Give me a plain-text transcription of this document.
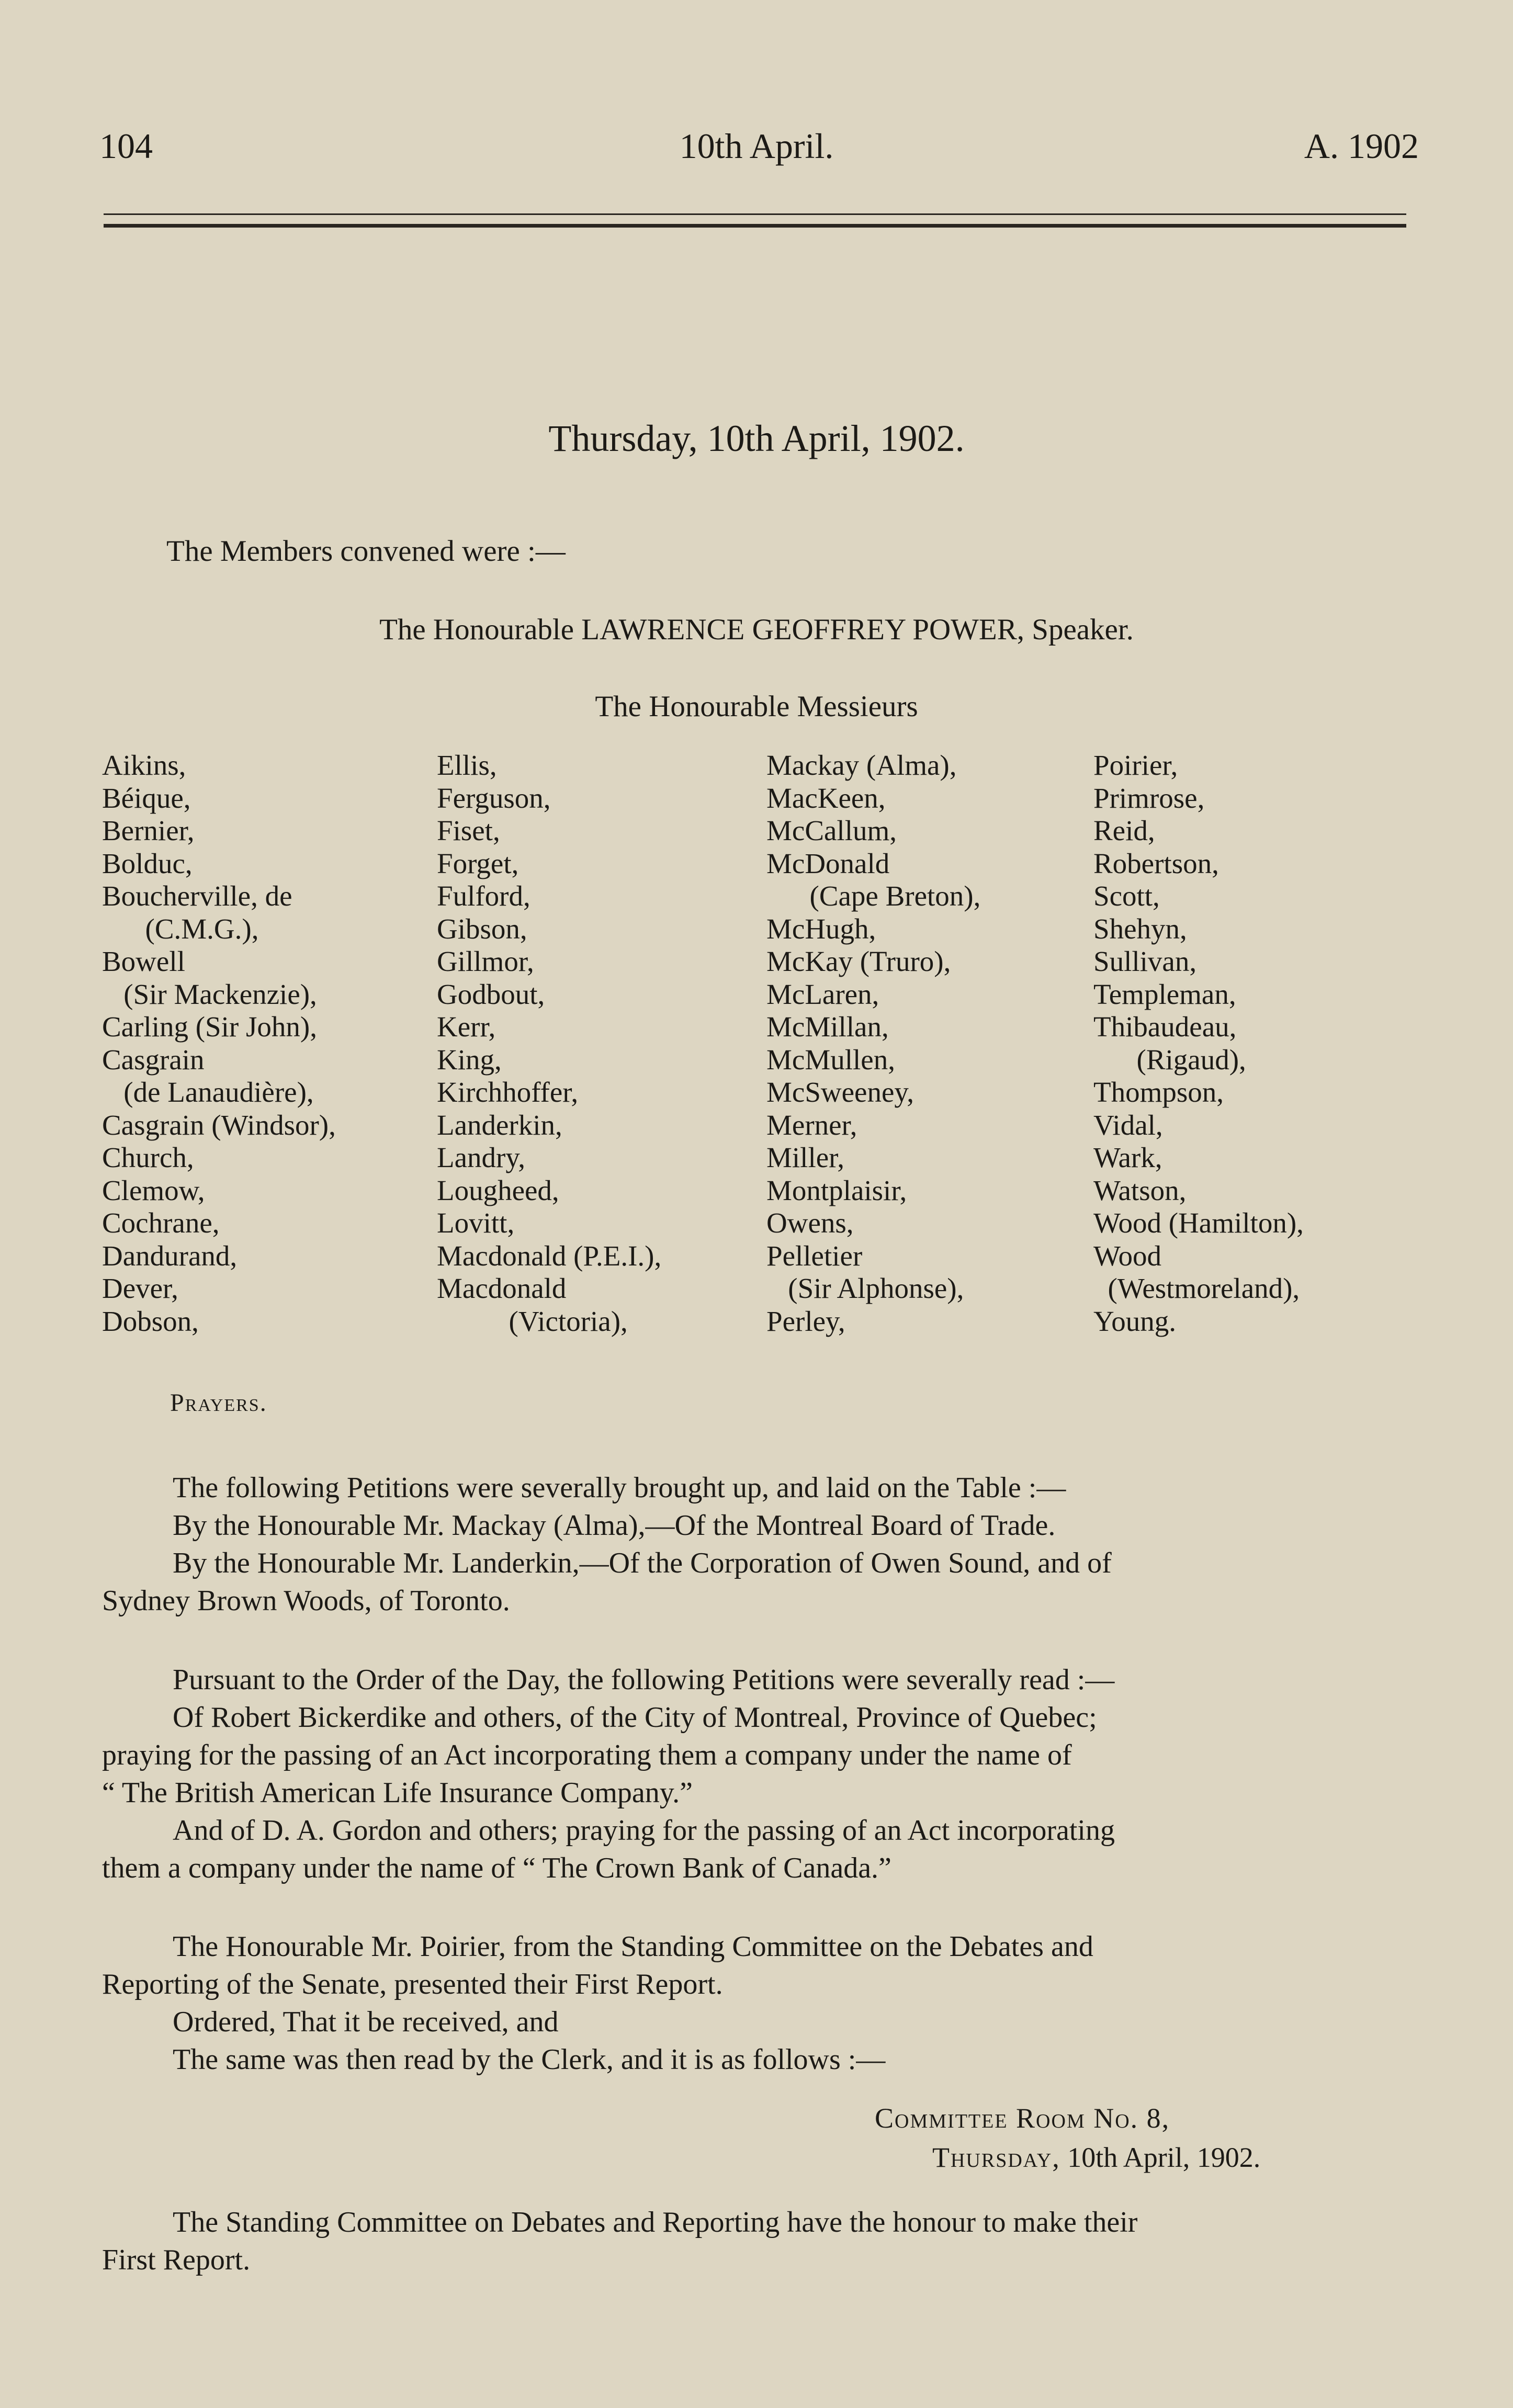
104	10th April.	A. 1902
Thursday, 10th April, 1902.
The Members convened were :—
The Honourable LAWRENCE GEOFFREY POWER, Speaker.
The Honourable Messieurs
Aikins,
Béique,
Bernier,
Bolduc,
Boucherville, de
(C.M.G.),
Bowell
(Sir Mackenzie),
Carling (Sir John),
Casgrain
(de Lanaudière),
Casgrain (Windsor),
Church,
Clemow,
Cochrane,
Dandurand,
Dever,
Dobson,
Ellis,
Ferguson,
Fiset,
Forget,
Fulford,
Gibson,
Gillmor,
Godbout,
Kerr,
King,
Kirchhoffer,
Landerkin,
Landry,
Lougheed,
Lovitt,
Macdonald (P.E.I.),
Macdonald
(Victoria),
Mackay (Alma),
MacKeen,
McCallum,
McDonald
(Cape Breton),
McHugh,
McKay (Truro),
McLaren,
McMillan,
McMullen,
McSweeney,
Merner,
Miller,
Montplaisir,
Owens,
Pelletier
(Sir Alphonse),
Perley,
Poirier,
Primrose,
Reid,
Robertson,
Scott,
Shehyn,
Sullivan,
Templeman,
Thibaudeau,
(Rigaud),
Thompson,
Vidal,
Wark,
Watson,
Wood (Hamilton),
Wood
(Westmoreland),
Young.
Prayers.
The following Petitions were severally brought up, and laid on the Table :—
By the Honourable Mr. Mackay (Alma),—Of the Montreal Board of Trade.
By the Honourable Mr. Landerkin,—Of the Corporation of Owen Sound, and of
Sydney Brown Woods, of Toronto.
Pursuant to the Order of the Day, the following Petitions were severally read :—
Of Robert Bickerdike and others, of the City of Montreal, Province of Quebec;
praying for the passing of an Act incorporating them a company under the name of
“ The British American Life Insurance Company.”
And of D. A. Gordon and others; praying for the passing of an Act incorporating
them a company under the name of “ The Crown Bank of Canada.”
The Honourable Mr. Poirier, from the Standing Committee on the Debates and
Reporting of the Senate, presented their First Report.
Ordered, That it be received, and
The same was then read by the Clerk, and it is as follows :—
Committee Room No. 8,
Thursday, 10th April, 1902.
The Standing Committee on Debates and Reporting have the honour to make their
First Report.
